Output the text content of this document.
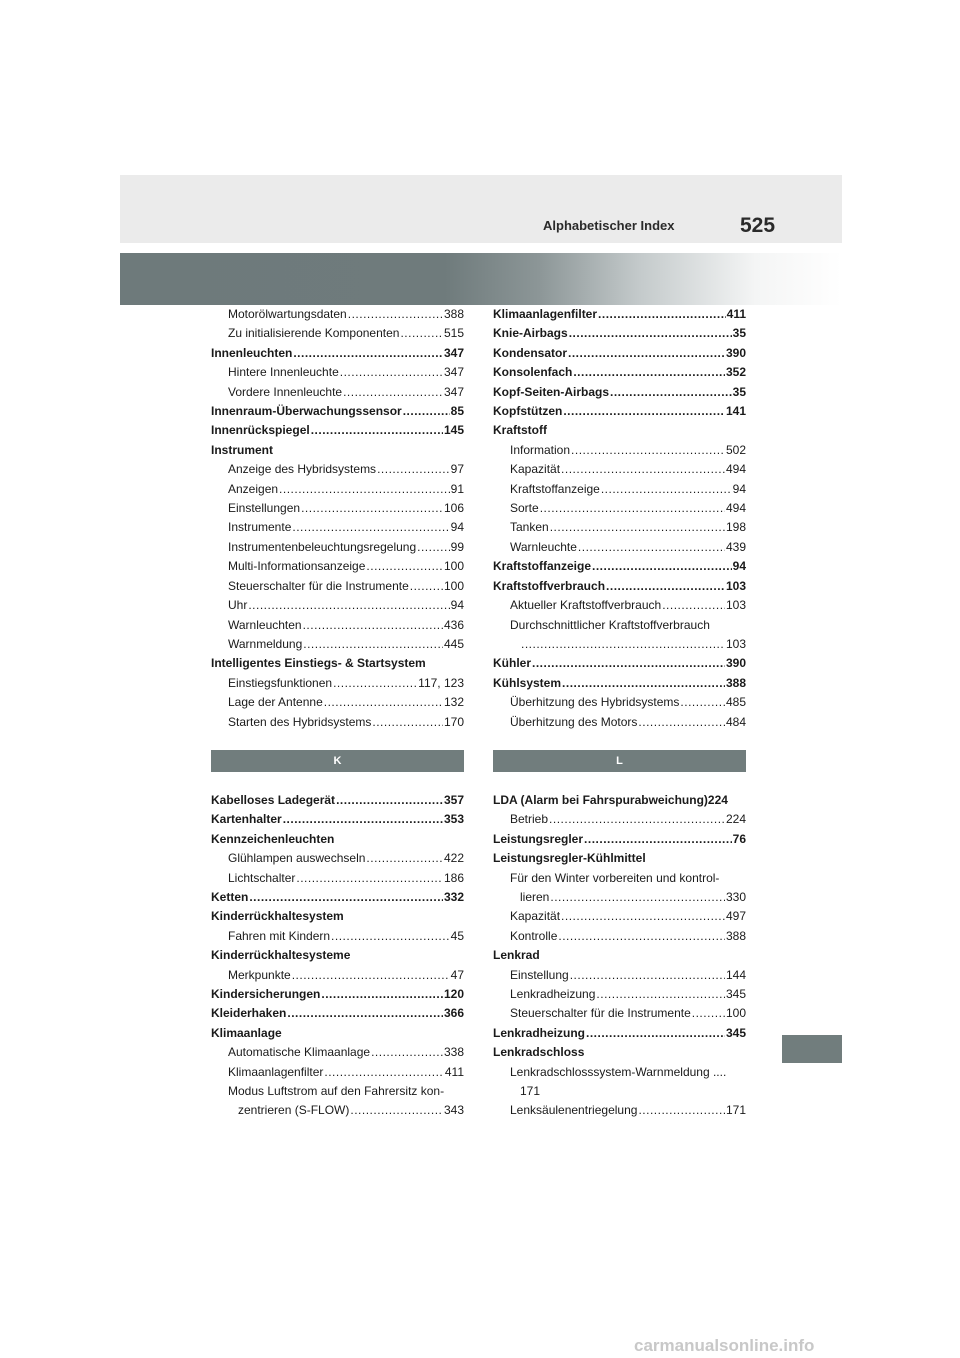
Alphabetischer Index	525
Motorölwartungsdaten .....	388
Zu initialisierende Komponenten .....	515
Innenleuchten .....	347
Hintere Innenleuchte .....	347
Vordere Innenleuchte .....	347
Innenraum-Überwachungssensor .....	85
Innenrückspiegel .....	145
Instrument
Anzeige des Hybridsystems .....	97
Anzeigen .....	91
Einstellungen .....	106
Instrumente .....	94
Instrumentenbeleuchtungsregelung .....	99
Multi-Informationsanzeige .....	100
Steuerschalter für die Instrumente .....	100
Uhr .....	94
Warnleuchten .....	436
Warnmeldung .....	445
Intelligentes Einstiegs- & Startsystem
Einstiegsfunktionen .....	117, 123
Lage der Antenne .....	132
Starten des Hybridsystems .....	170
K
Kabelloses Ladegerät .....	357
Kartenhalter .....	353
Kennzeichenleuchten
Glühlampen auswechseln .....	422
Lichtschalter .....	186
Ketten .....	332
Kinderrückhaltesystem
Fahren mit Kindern .....	45
Kinderrückhaltesysteme
Merkpunkte .....	47
Kindersicherungen .....	120
Kleiderhaken .....	366
Klimaanlage
Automatische Klimaanlage .....	338
Klimaanlagenfilter .....	411
Modus Luftstrom auf den Fahrersitz kon-
zentrieren (S-FLOW) .....	343
Klimaanlagenfilter .....	411
Knie-Airbags .....	35
Kondensator .....	390
Konsolenfach .....	352
Kopf-Seiten-Airbags .....	35
Kopfstützen .....	141
Kraftstoff
Information .....	502
Kapazität .....	494
Kraftstoffanzeige .....	94
Sorte .....	494
Tanken .....	198
Warnleuchte .....	439
Kraftstoffanzeige .....	94
Kraftstoffverbrauch .....	103
Aktueller Kraftstoffverbrauch .....	103
Durchschnittlicher Kraftstoffverbrauch
.....
103
Kühler .....	390
Kühlsystem .....	388
Überhitzung des Hybridsystems .....	485
Überhitzung des Motors .....	484
L
LDA (Alarm bei Fahrspurabweichung)224
Betrieb .....	224
Leistungsregler .....	76
Leistungsregler-Kühlmittel
Für den Winter vorbereiten und kontrol-
lieren .....	330
Kapazität .....	497
Kontrolle .....	388
Lenkrad
Einstellung .....	144
Lenkradheizung .....	345
Steuerschalter für die Instrumente .....	100
Lenkradheizung .....	345
Lenkradschloss
Lenkradschlosssystem-Warnmeldung ....
171
Lenksäulenentriegelung .....	171
carmanualsonline.info
